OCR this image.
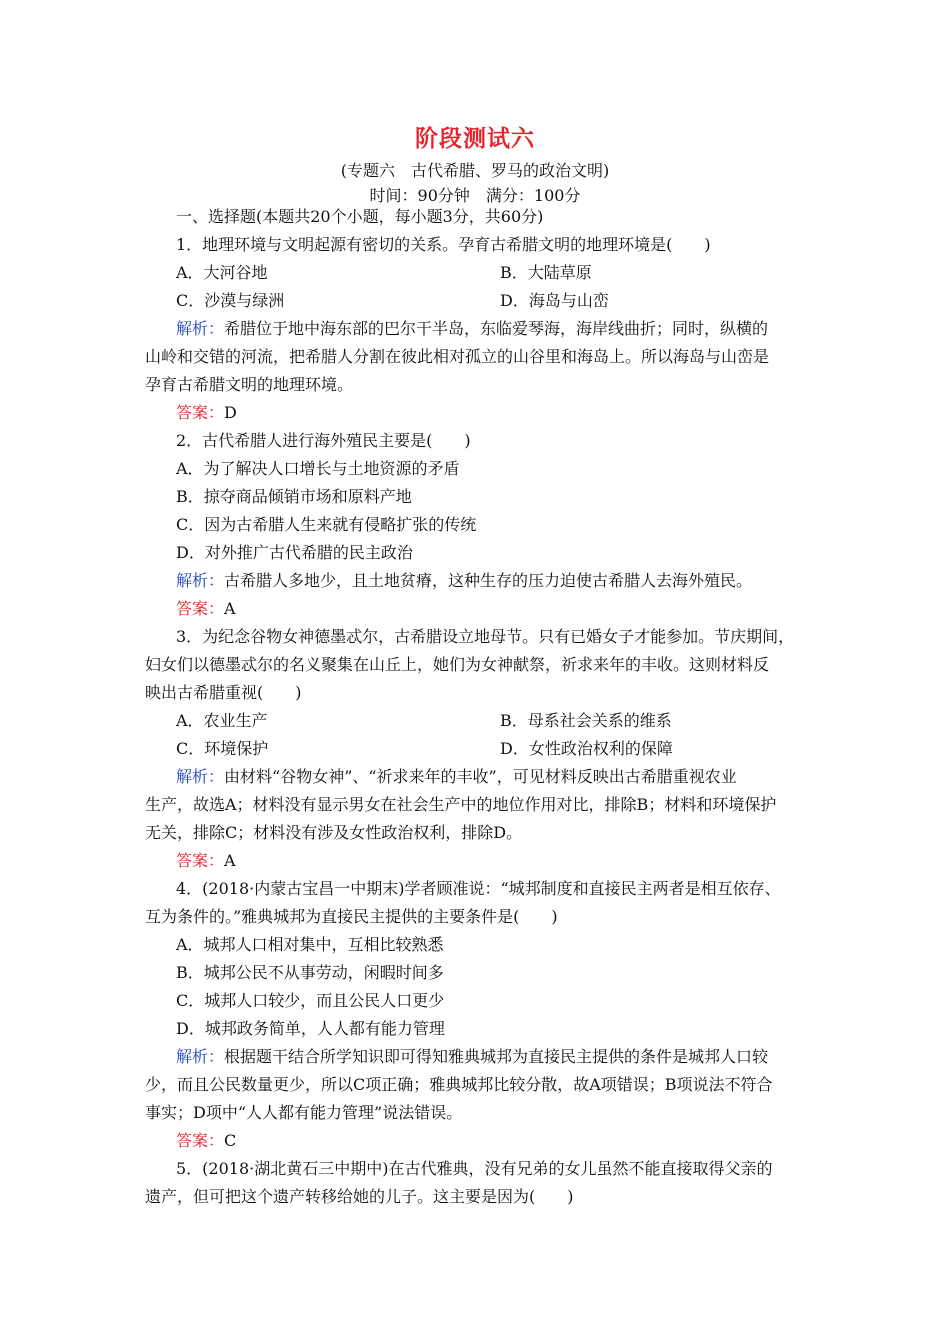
阶段测试六
(专题六　古代希腊、罗马的政治文明)
时间：90分钟　满分：100分
一、选择题(本题共20个小题，每小题3分，共60分)
1．地理环境与文明起源有密切的关系。孕育古希腊文明的地理环境是(　　)
A．大河谷地	B．大陆草原
C．沙漠与绿洲	D．海岛与山峦
解析：希腊位于地中海东部的巴尔干半岛，东临爱琴海，海岸线曲折；同时，纵横的
山岭和交错的河流，把希腊人分割在彼此相对孤立的山谷里和海岛上。所以海岛与山峦是
孕育古希腊文明的地理环境。
答案：D
2．古代希腊人进行海外殖民主要是(　　)
A．为了解决人口增长与土地资源的矛盾
B．掠夺商品倾销市场和原料产地
C．因为古希腊人生来就有侵略扩张的传统
D．对外推广古代希腊的民主政治
解析：古希腊人多地少，且土地贫瘠，这种生存的压力迫使古希腊人去海外殖民。
答案：A
3．为纪念谷物女神德墨忒尔，古希腊设立地母节。只有已婚女子才能参加。节庆期间，
妇女们以德墨忒尔的名义聚集在山丘上，她们为女神献祭，祈求来年的丰收。这则材料反
映出古希腊重视(　　)
A．农业生产	B．母系社会关系的维系
C．环境保护	D．女性政治权利的保障
解析：由材料“谷物女神”、“祈求来年的丰收”，可见材料反映出古希腊重视农业
生产，故选A；材料没有显示男女在社会生产中的地位作用对比，排除B；材料和环境保护
无关，排除C；材料没有涉及女性政治权利，排除D。
答案：A
4．(2018·内蒙古宝昌一中期末)学者顾准说：“城邦制度和直接民主两者是相互依存、
互为条件的。”雅典城邦为直接民主提供的主要条件是(　　)
A．城邦人口相对集中，互相比较熟悉
B．城邦公民不从事劳动，闲暇时间多
C．城邦人口较少，而且公民人口更少
D．城邦政务简单，人人都有能力管理
解析：根据题干结合所学知识即可得知雅典城邦为直接民主提供的条件是城邦人口较
少，而且公民数量更少，所以C项正确；雅典城邦比较分散，故A项错误；B项说法不符合
事实；D项中“人人都有能力管理”说法错误。
答案：C
5．(2018·湖北黄石三中期中)在古代雅典，没有兄弟的女儿虽然不能直接取得父亲的
遗产，但可把这个遗产转移给她的儿子。这主要是因为(　　)
